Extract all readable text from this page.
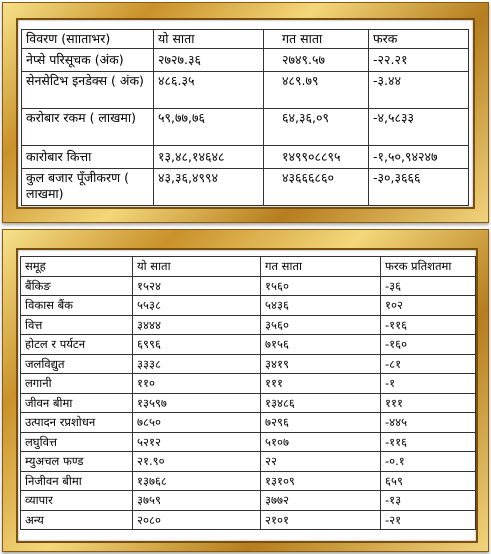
विवरण (सााताभर)	यो साता	गत साता	फरक
नेप्से परिसूचक (अंक)	२७२७.३६	२७४९.५७	-२२.२१
सेनसेटिभ इनडेक्स ( अंक)	४८६.३५	४८९.७९	-३.४४
करोबार रकम ( लाखमा)	५९,७७,७६	६४,३६,०९	-४,५८३३
कारोबार कित्ता	१३,४८,१४६४८	१४९९०८८९५	-१,५०,९४२४७
कुल बजार पूँजीकरण ( लाखमा)	४३,३६,४९९४	४३६६६८६०	-३०,३६६६
समूह	यो साता	गत साता	फरक प्रतिशतमा
बैंकिङ	१५२४	१५६०	-३६
विकास बैंक	५५३८	५४३६	१०२
वित्त	३४४४	३५६०	-११६
होटल र पर्यटन	६९९६	७१५६	-१६०
जलविद्युत	३३३८	३४१९	-८१
लगानी	११०	१११	-१
जीवन बीमा	१३५९७	१३४८६	१११
उत्पादन रप्रशोधन	७८५०	७२९६	-४४५
लघुवित्त	५२१२	५१०७	-११६
म्युअचल फण्ड	२१.९०	२२	-०.१
निजीवन बीमा	१३७६८	१३१०९	६५९
व्यापार	३७५९	३७७२	-१३
अन्य	२०८०	२१०१	-२१
